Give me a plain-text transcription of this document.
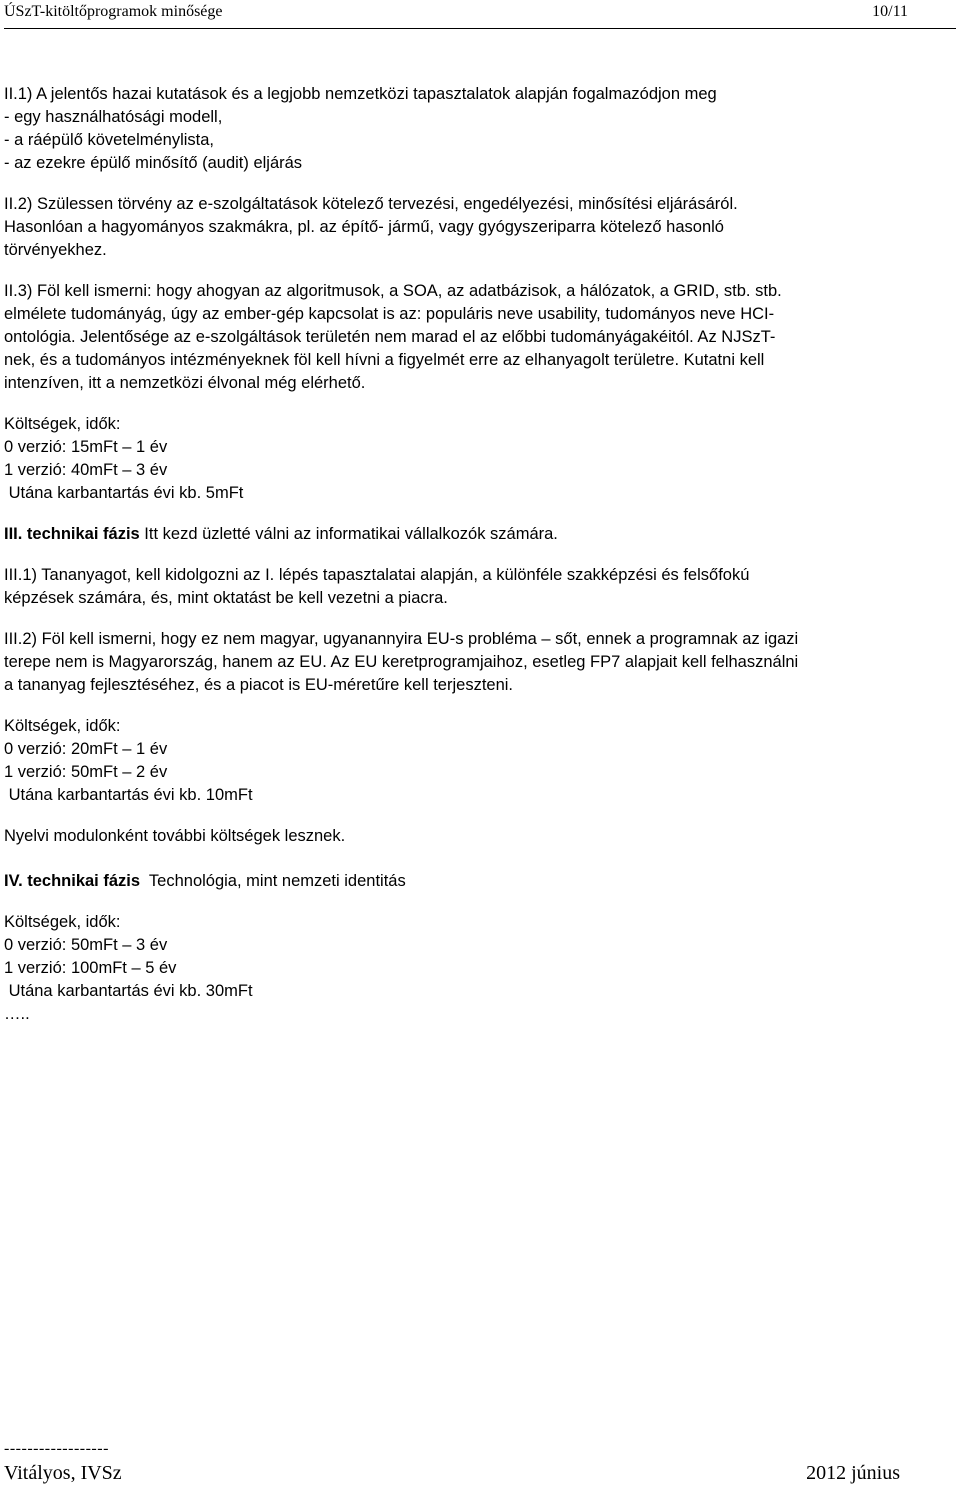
ÚSzT-kitöltőprogramok minősége	10/11

II.1) A jelentős hazai kutatások és a legjobb nemzetközi tapasztalatok alapján fogalmazódjon meg

- egy használhatósági modell,

- a ráépülő követelménylista,

- az ezekre épülő minősítő (audit) eljárás

II.2) Szülessen törvény az e-szolgáltatások kötelező tervezési, engedélyezési, minősítési eljárásáról.

Hasonlóan a hagyományos szakmákra, pl. az építő- jármű, vagy gyógyszeriparra kötelező hasonló

törvényekhez.

II.3) Föl kell ismerni: hogy ahogyan az algoritmusok, a SOA, az adatbázisok, a hálózatok, a GRID, stb. stb.

elmélete tudományág, úgy az ember-gép kapcsolat is az: populáris neve usability, tudományos neve HCI-

ontológia. Jelentősége az e-szolgáltások területén nem marad el az előbbi tudományágakéitól. Az NJSzT-

nek, és a tudományos intézményeknek föl kell hívni a figyelmét erre az elhanyagolt területre. Kutatni kell

intenzíven, itt a nemzetközi élvonal még elérhető.

Költségek, idők:

0 verzió: 15mFt – 1 év

1 verzió: 40mFt – 3 év

Utána karbantartás évi kb. 5mFt

III. technikai fázis Itt kezd üzletté válni az informatikai vállalkozók számára.

III.1) Tananyagot, kell kidolgozni az I. lépés tapasztalatai alapján, a különféle szakképzési és felsőfokú

képzések számára, és, mint oktatást be kell vezetni a piacra.

III.2) Föl kell ismerni, hogy ez nem magyar, ugyanannyira EU-s probléma – sőt, ennek a programnak az igazi

terepe nem is Magyarország, hanem az EU. Az EU keretprogramjaihoz, esetleg FP7 alapjait kell felhasználni

a tananyag fejlesztéséhez, és a piacot is EU-méretűre kell terjeszteni.

Költségek, idők:

0 verzió: 20mFt – 1 év

1 verzió: 50mFt – 2 év

Utána karbantartás évi kb. 10mFt

Nyelvi modulonként további költségek lesznek.

IV. technikai fázis  Technológia, mint nemzeti identitás

Költségek, idők:

0 verzió: 50mFt – 3 év

1 verzió: 100mFt – 5 év

Utána karbantartás évi kb. 30mFt

…..

------------------
Vitályos, IVSz	2012 június
